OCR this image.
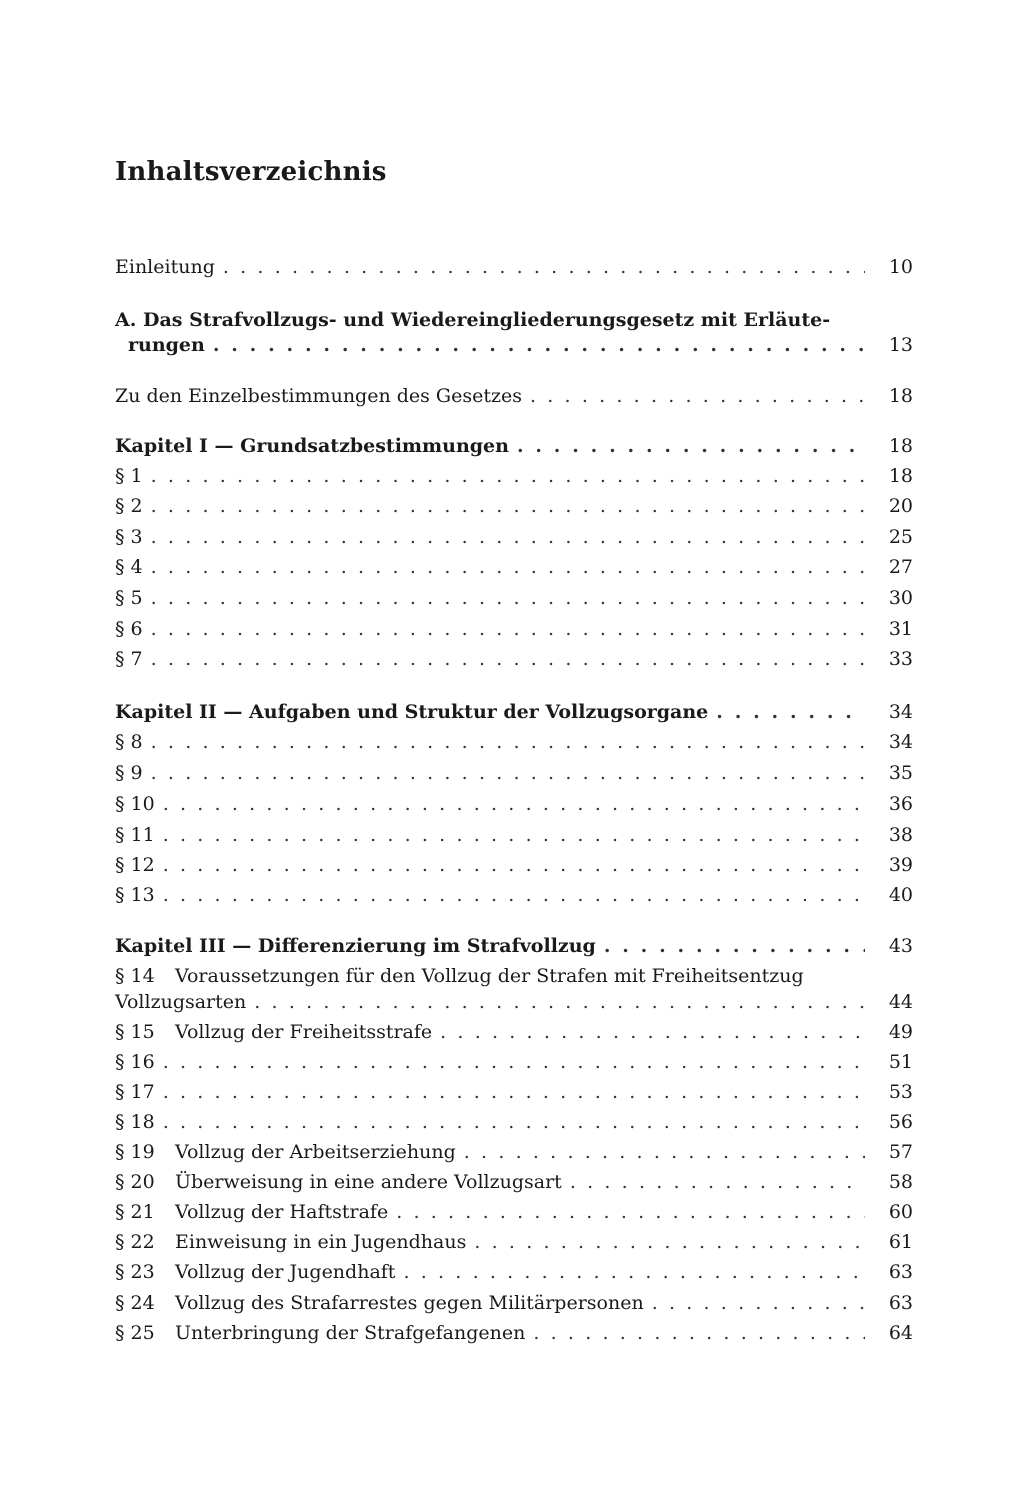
Inhaltsverzeichnis
Einleitung . . .	10
A. Das Strafvollzugs- und Wiedereingliederungsgesetz mit Erläute-
rungen . . .	13
Zu den Einzelbestimmungen des Gesetzes . . .	18
Kapitel I — Grundsatzbestimmungen . . .	18
§ 1 . . .	18
§ 2 . . .	20
§ 3 . . .	25
§ 4 . . .	27
§ 5 . . .	30
§ 6 . . .	31
§ 7 . . .	33
Kapitel II — Aufgaben und Struktur der Vollzugsorgane . . .	34
§ 8 . . .	34
§ 9 . . .	35
§ 10 . . .	36
§ 11 . . .	38
§ 12 . . .	39
§ 13 . . .	40
Kapitel III — Differenzierung im Strafvollzug . . .	43
§ 14 Voraussetzungen für den Vollzug der Strafen mit Freiheitsentzug
Vollzugsarten . . .	44
§ 15 Vollzug der Freiheitsstrafe . . .	49
§ 16 . . .	51
§ 17 . . .	53
§ 18 . . .	56
§ 19 Vollzug der Arbeitserziehung . . .	57
§ 20 Überweisung in eine andere Vollzugsart . . .	58
§ 21 Vollzug der Haftstrafe . . .	60
§ 22 Einweisung in ein Jugendhaus . . .	61
§ 23 Vollzug der Jugendhaft . . .	63
§ 24 Vollzug des Strafarrestes gegen Militärpersonen . . .	63
§ 25 Unterbringung der Strafgefangenen . . .	64
